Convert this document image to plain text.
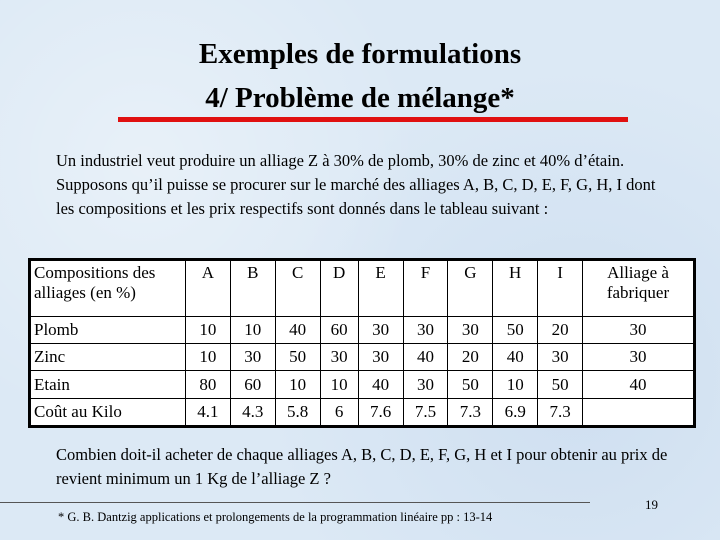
Exemples de formulations
4/ Problème de mélange*
Un industriel veut produire un alliage Z à 30% de plomb, 30% de zinc et 40% d’étain. Supposons qu’il puisse se procurer sur le marché des alliages A, B, C, D, E, F, G, H, I dont les compositions et les prix respectifs sont donnés dans le tableau suivant :
Compositions des alliages (en %)	A	B	C	D	E	F	G	H	I	Alliage à fabriquer
Plomb	10	10	40	60	30	30	30	50	20	30
Zinc	10	30	50	30	30	40	20	40	30	30
Etain	80	60	10	10	40	30	50	10	50	40
Coût au Kilo	4.1	4.3	5.8	6	7.6	7.5	7.3	6.9	7.3	
Combien doit-il acheter de chaque alliages A, B, C, D, E, F, G, H et I pour obtenir au prix de revient minimum un 1 Kg de l’alliage Z ?
* G. B. Dantzig applications et prolongements de la programmation linéaire pp : 13-14
19
